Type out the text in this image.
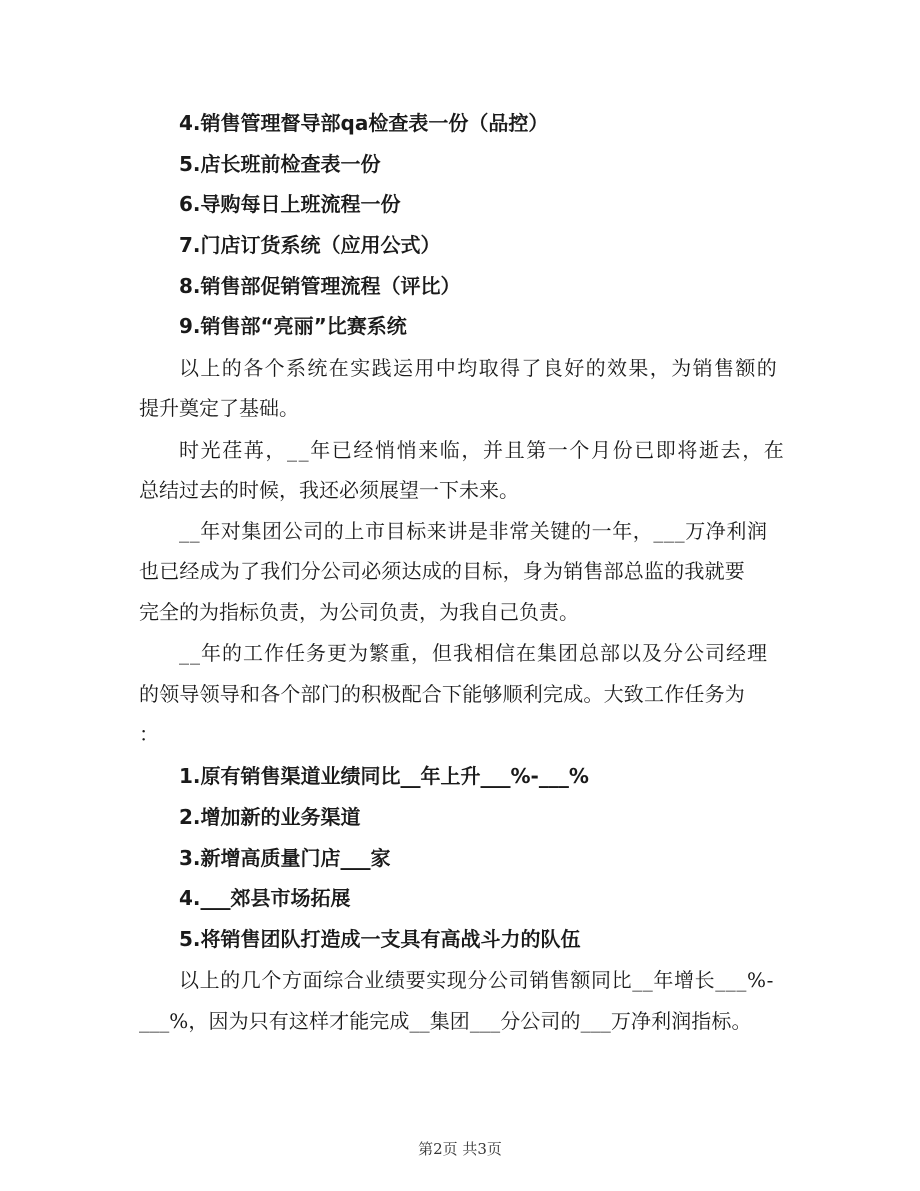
4.销售管理督导部qa检查表一份（品控）
5.店长班前检查表一份
6.导购每日上班流程一份
7.门店订货系统（应用公式）
8.销售部促销管理流程（评比）
9.销售部“亮丽”比赛系统
以上的各个系统在实践运用中均取得了良好的效果，为销售额的
提升奠定了基础。
时光荏苒，__年已经悄悄来临，并且第一个月份已即将逝去，在
总结过去的时候，我还必须展望一下未来。
__年对集团公司的上市目标来讲是非常关键的一年，___万净利润
也已经成为了我们分公司必须达成的目标，身为销售部总监的我就要
完全的为指标负责，为公司负责，为我自己负责。
__年的工作任务更为繁重，但我相信在集团总部以及分公司经理
的领导领导和各个部门的积极配合下能够顺利完成。大致工作任务为
：
1.原有销售渠道业绩同比__年上升___%-___%
2.增加新的业务渠道
3.新增高质量门店___家
4.___郊县市场拓展
5.将销售团队打造成一支具有高战斗力的队伍
以上的几个方面综合业绩要实现分公司销售额同比__年增长___%-
___%，因为只有这样才能完成__集团___分公司的___万净利润指标。
第2页 共3页
